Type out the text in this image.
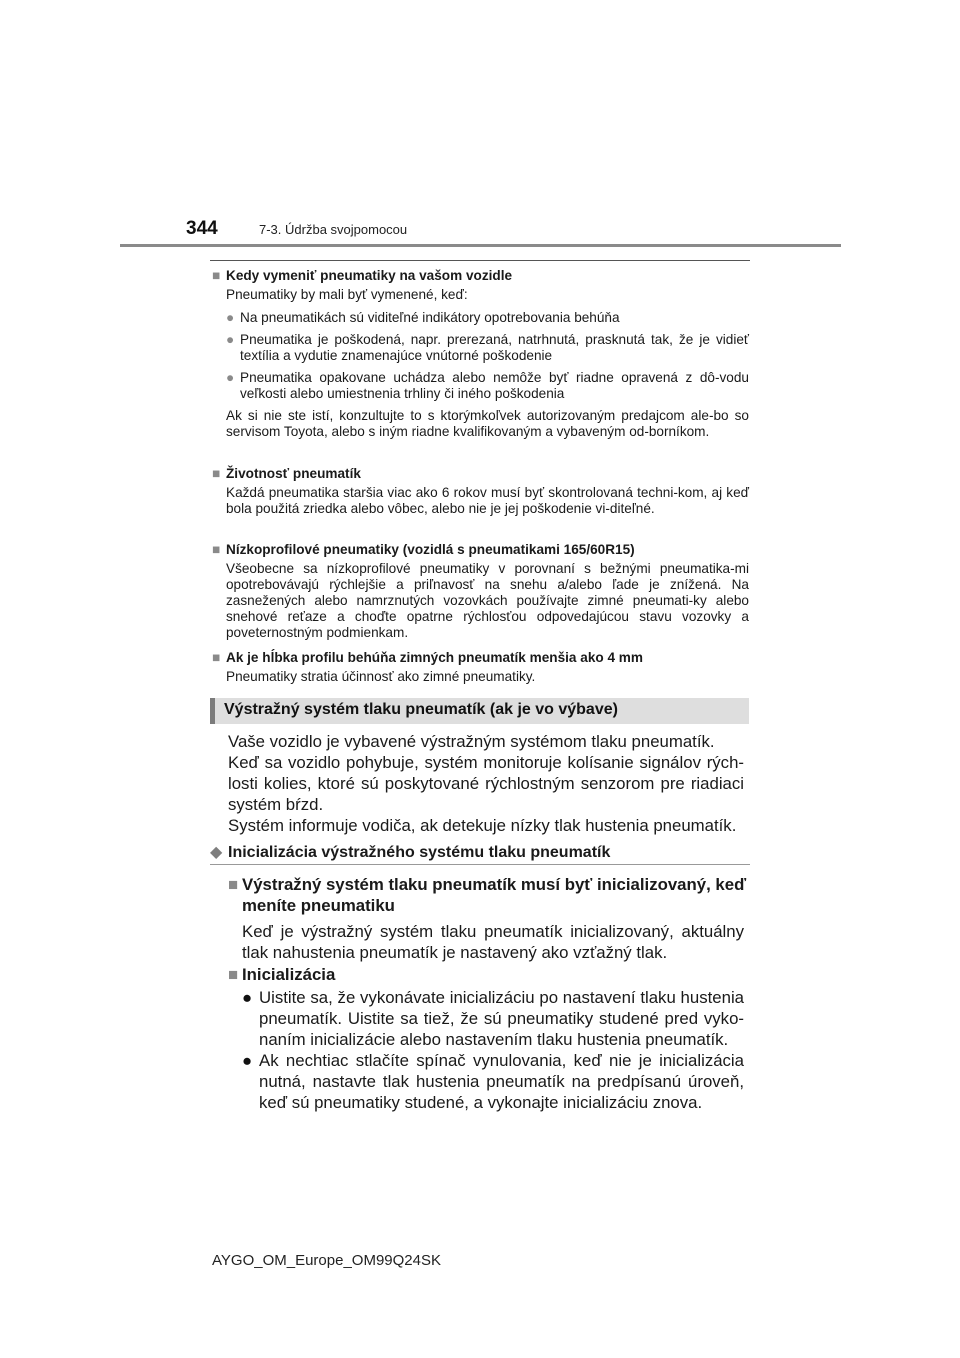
344	7-3. Údržba svojpomocou
■ Kedy vymeniť pneumatiky na vašom vozidle
Pneumatiky by mali byť vymenené, keď:
● Na pneumatikách sú viditeľné indikátory opotrebovania behúňa
● Pneumatika je poškodená, napr. prerezaná, natrhnutá, prasknutá tak, že je vidieť textília a vydutie znamenajúce vnútorné poškodenie
● Pneumatika opakovane uchádza alebo nemôže byť riadne opravená z dô-vodu veľkosti alebo umiestnenia trhliny či iného poškodenia
Ak si nie ste istí, konzultujte to s ktorýmkoľvek autorizovaným predajcom ale-bo so servisom Toyota, alebo s iným riadne kvalifikovaným a vybaveným od-borníkom.
■ Životnosť pneumatík
Každá pneumatika staršia viac ako 6 rokov musí byť skontrolovaná techni-kom, aj keď bola použitá zriedka alebo vôbec, alebo nie je jej poškodenie vi-diteľné.
■ Nízkoprofilové pneumatiky (vozidlá s pneumatikami 165/60R15)
Všeobecne sa nízkoprofilové pneumatiky v porovnaní s bežnými pneumatika-mi opotrebovávajú rýchlejšie a priľnavosť na snehu a/alebo ľade je znížená. Na zasnežených alebo namrznutých vozovkách používajte zimné pneumati-ky alebo snehové reťaze a choďte opatrne rýchlosťou odpovedajúcou stavu vozovky a poveternostným podmienkam.
■ Ak je hĺbka profilu behúňa zimných pneumatík menšia ako 4 mm
Pneumatiky stratia účinnosť ako zimné pneumatiky.
Výstražný systém tlaku pneumatík (ak je vo výbave)
Vaše vozidlo je vybavené výstražným systémom tlaku pneumatík.
Keď sa vozidlo pohybuje, systém monitoruje kolísanie signálov rých-losti kolies, ktoré sú poskytované rýchlostným senzorom pre riadiaci systém bŕzd.
Systém informuje vodiča, ak detekuje nízky tlak hustenia pneumatík.
◆ Inicializácia výstražného systému tlaku pneumatík
■ Výstražný systém tlaku pneumatík musí byť inicializovaný, keď meníte pneumatiku
Keď je výstražný systém tlaku pneumatík inicializovaný, aktuálny tlak nahustenia pneumatík je nastavený ako vzťažný tlak.
■ Inicializácia
● Uistite sa, že vykonávate inicializáciu po nastavení tlaku hustenia pneumatík. Uistite sa tiež, že sú pneumatiky studené pred vyko-naním inicializácie alebo nastavením tlaku hustenia pneumatík.
● Ak nechtiac stlačíte spínač vynulovania, keď nie je inicializácia nutná, nastavte tlak hustenia pneumatík na predpísanú úroveň, keď sú pneumatiky studené, a vykonajte inicializáciu znova.
AYGO_OM_Europe_OM99Q24SK
